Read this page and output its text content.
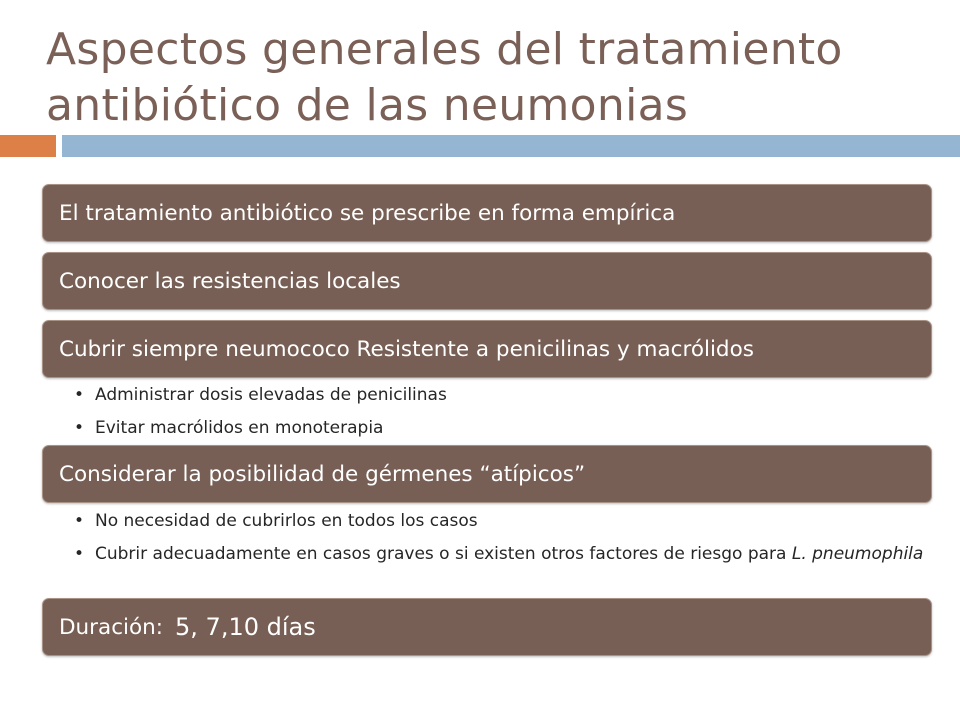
Aspectos generales del tratamiento
antibiótico de las neumonias
El tratamiento antibiótico se prescribe en forma empírica
Conocer las resistencias locales
Cubrir siempre neumococo Resistente a penicilinas y macrólidos
• Administrar dosis elevadas de penicilinas
• Evitar macrólidos en monoterapia
Considerar la posibilidad de gérmenes “atípicos”
• No necesidad de cubrirlos en todos los casos
• Cubrir adecuadamente en casos graves o si existen otros factores de riesgo para L. pneumophila
Duración: 5, 7,10 días
